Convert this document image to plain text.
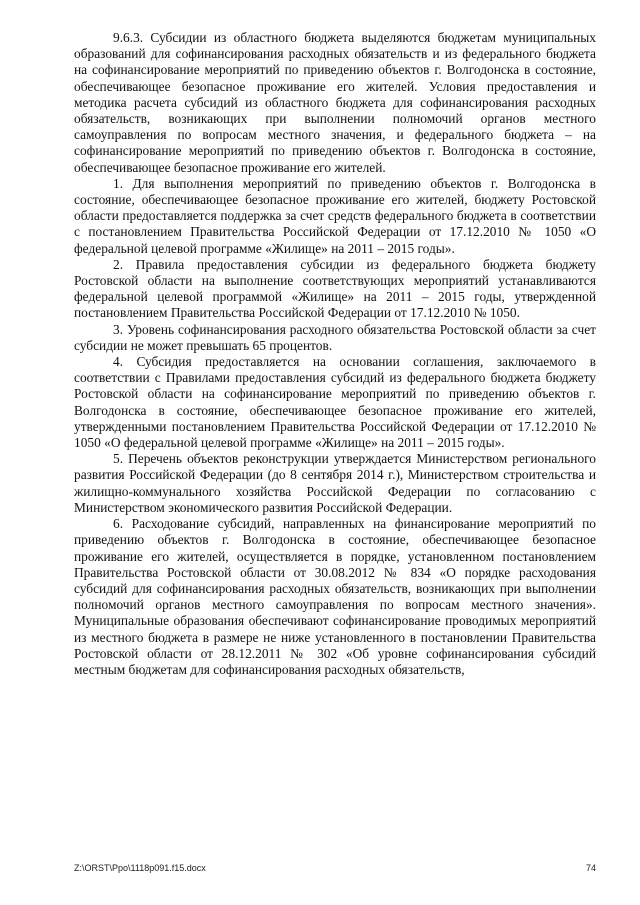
9.6.3. Субсидии из областного бюджета выделяются бюджетам муниципальных образований для софинансирования расходных обязательств и из федерального бюджета на софинансирование мероприятий по приведению объектов г. Волгодонска в состояние, обеспечивающее безопасное проживание его жителей. Условия предоставления и методика расчета субсидий из областного бюджета для софинансирования расходных обязательств, возникающих при выполнении полномочий органов местного самоуправления по вопросам местного значения, и федерального бюджета – на софинансирование мероприятий по приведению объектов г. Волгодонска в состояние, обеспечивающее безопасное проживание его жителей.

1. Для выполнения мероприятий по приведению объектов г. Волгодонска в состояние, обеспечивающее безопасное проживание его жителей, бюджету Ростовской области предоставляется поддержка за счет средств федерального бюджета в соответствии с постановлением Правительства Российской Федерации от 17.12.2010 № 1050 «О федеральной целевой программе «Жилище» на 2011 – 2015 годы».

2. Правила предоставления субсидии из федерального бюджета бюджету Ростовской области на выполнение соответствующих мероприятий устанавливаются федеральной целевой программой «Жилище» на 2011 – 2015 годы, утвержденной постановлением Правительства Российской Федерации от 17.12.2010 № 1050.

3. Уровень софинансирования расходного обязательства Ростовской области за счет субсидии не может превышать 65 процентов.

4. Субсидия предоставляется на основании соглашения, заключаемого в соответствии с Правилами предоставления субсидий из федерального бюджета бюджету Ростовской области на софинансирование мероприятий по приведению объектов г. Волгодонска в состояние, обеспечивающее безопасное проживание его жителей, утвержденными постановлением Правительства Российской Федерации от 17.12.2010 № 1050 «О федеральной целевой программе «Жилище» на 2011 – 2015 годы».

5. Перечень объектов реконструкции утверждается Министерством регионального развития Российской Федерации (до 8 сентября 2014 г.), Министерством строительства и жилищно-коммунального хозяйства Российской Федерации по согласованию с Министерством экономического развития Российской Федерации.

6. Расходование субсидий, направленных на финансирование мероприятий по приведению объектов г. Волгодонска в состояние, обеспечивающее безопасное проживание его жителей, осуществляется в порядке, установленном постановлением Правительства Ростовской области от 30.08.2012 № 834 «О порядке расходования субсидий для софинансирования расходных обязательств, возникающих при выполнении полномочий органов местного самоуправления по вопросам местного значения». Муниципальные образования обеспечивают софинансирование проводимых мероприятий из местного бюджета в размере не ниже установленного в постановлении Правительства Ростовской области от 28.12.2011 № 302 «Об уровне софинансирования субсидий местным бюджетам для софинансирования расходных обязательств,

Z:\ORST\Ppo\1118p091.f15.docx	74
